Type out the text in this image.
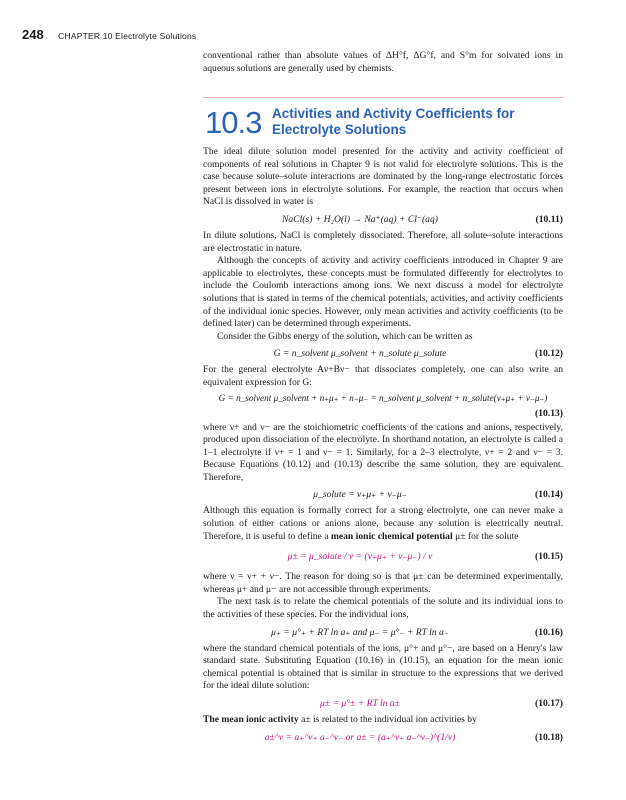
248 CHAPTER 10 Electrolyte Solutions

conventional rather than absolute values of ΔH°f, ΔG°f, and S°m for solvated ions in aqueous solutions are generally used by chemists.

10.3 Activities and Activity Coefficients for Electrolyte Solutions

The ideal dilute solution model presented for the activity and activity coefficient of components of real solutions in Chapter 9 is not valid for electrolyte solutions. This is the case because solute–solute interactions are dominated by the long-range electrostatic forces present between ions in electrolyte solutions. For example, the reaction that occurs when NaCl is dissolved in water is

NaCl(s) + H₂O(l) → Na⁺(aq) + Cl⁻(aq)	(10.11)

In dilute solutions, NaCl is completely dissociated. Therefore, all solute–solute interactions are electrostatic in nature.

Although the concepts of activity and activity coefficients introduced in Chapter 9 are applicable to electrolytes, these concepts must be formulated differently for electrolytes to include the Coulomb interactions among ions. We next discuss a model for electrolyte solutions that is stated in terms of the chemical potentials, activities, and activity coefficients of the individual ionic species. However, only mean activities and activity coefficients (to be defined later) can be determined through experiments.

Consider the Gibbs energy of the solution, which can be written as

G = n_solvent μ_solvent + n_solute μ_solute	(10.12)

For the general electrolyte Aν+Bν− that dissociates completely, one can also write an equivalent expression for G:

G = n_solvent μ_solvent + n₊μ₊ + n₋μ₋ = n_solvent μ_solvent + n_solute(ν₊μ₊ + ν₋μ₋)
(10.13)

where ν+ and ν− are the stoichiometric coefficients of the cations and anions, respectively, produced upon dissociation of the electrolyte. In shorthand notation, an electrolyte is called a 1–1 electrolyte if ν+ = 1 and ν− = 1. Similarly, for a 2–3 electrolyte, ν+ = 2 and ν− = 3. Because Equations (10.12) and (10.13) describe the same solution, they are equivalent. Therefore,

μ_solute = ν₊μ₊ + ν₋μ₋	(10.14)

Although this equation is formally correct for a strong electrolyte, one can never make a solution of either cations or anions alone, because any solution is electrically neutral. Therefore, it is useful to define a mean ionic chemical potential μ± for the solute

μ± = μ_solute / ν = (ν₊μ₊ + ν₋μ₋) / ν	(10.15)

where ν = ν+ + ν−. The reason for doing so is that μ± can be determined experimentally, whereas μ+ and μ− are not accessible through experiments.

The next task is to relate the chemical potentials of the solute and its individual ions to the activities of these species. For the individual ions,

μ₊ = μ°₊ + RT ln a₊ and μ₋ = μ°₋ + RT ln a₋	(10.16)

where the standard chemical potentials of the ions, μ°+ and μ°−, are based on a Henry's law standard state. Substituting Equation (10.16) in (10.15), an equation for the mean ionic chemical potential is obtained that is similar in structure to the expressions that we derived for the ideal dilute solution:

μ± = μ°± + RT ln a±	(10.17)

The mean ionic activity a± is related to the individual ion activities by

a±^ν = a₊^ν₊ a₋^ν₋ or a± = (a₊^ν₊ a₋^ν₋)^(1/ν)	(10.18)
